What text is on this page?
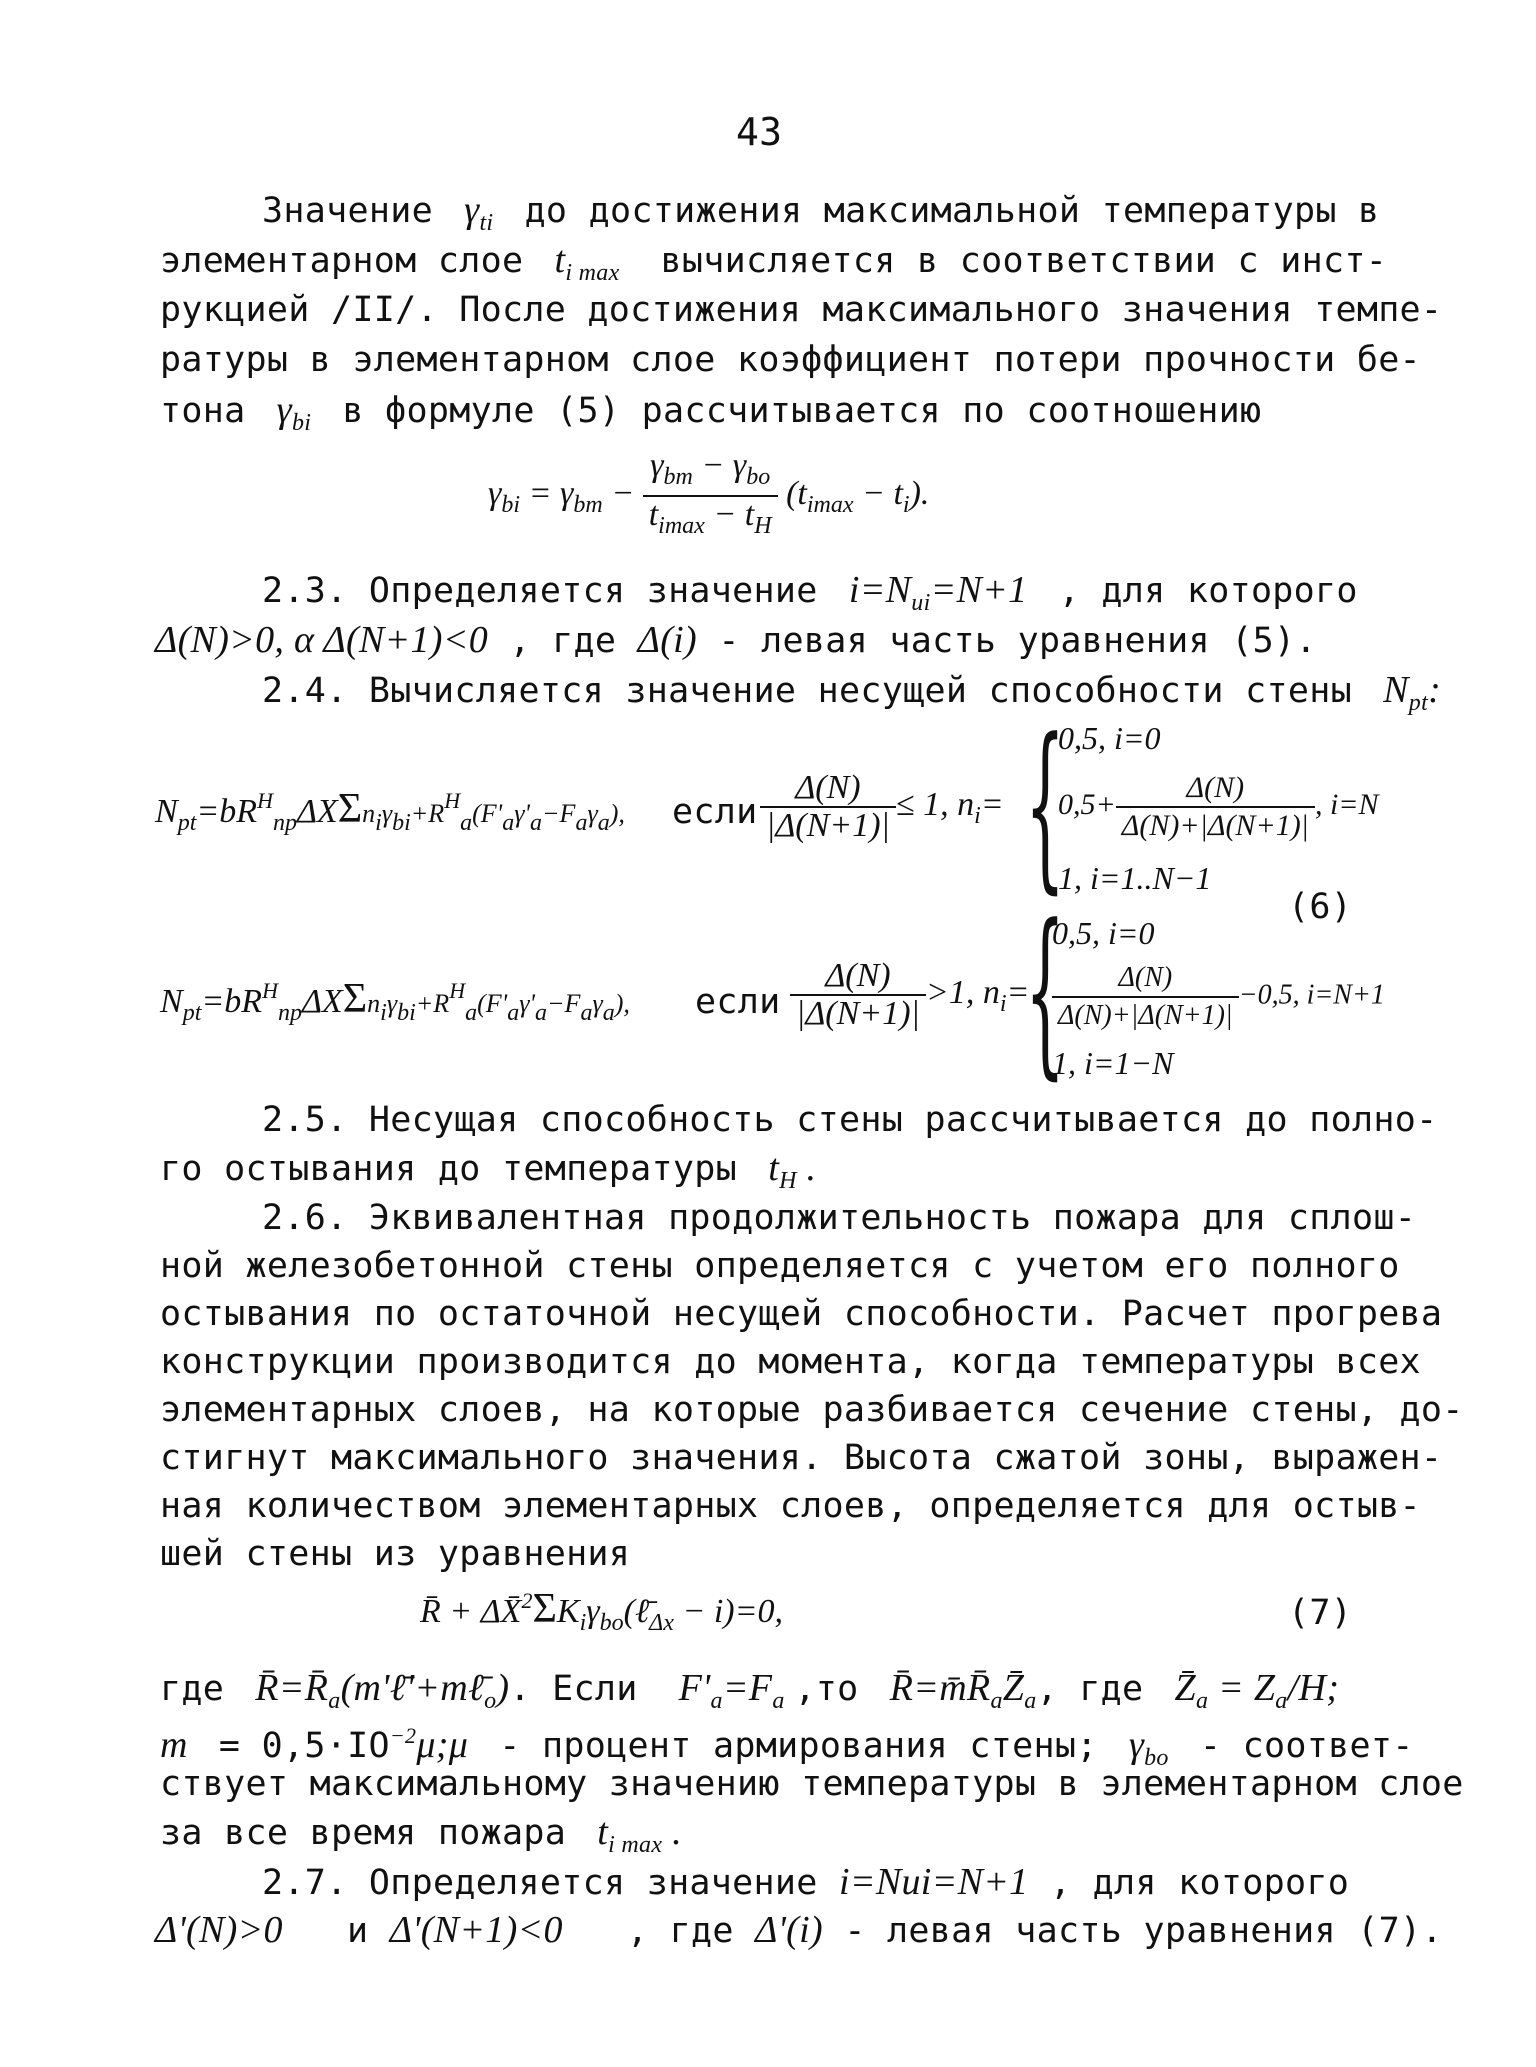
43
Значение  $\gamma_{ti}$ до достижения максимальной температуры в
элементарном слое  $t_{i max}$ вычисляется в соответствии с инст-
рукцией /II/. После достижения максимального значения темпе-
ратуры в элементарном слое коэффициент потери прочности бе-
тона  $\gamma_{bi}$ в формуле (5) рассчитывается по соотношению
$\gamma_{bi} = \gamma_{bm} - \frac{\gamma_{bm} - \gamma_{bo}}{t_{imax} - t_H} (t_{imax} - t_i)$.
2.3. Определяется значение  $i=N_{ui}=N+1$  , для которого
Δ(N)>0, α Δ(N+1)<0 , где Δ(i) - левая часть уравнения (5).
2.4. Вычисляется значение несущей способности стены  $N_{pt}$:
$N_{pt}=bR^H_{np}\Delta X\Sigma ni\gamma bi+R^Ha(F'a\gamma'a-Fa\gamma a)$, если $\frac{\Delta(N)}{|\Delta(N+1)|} \le 1$, $n_i=$ {
0,5, i=0
$0,5+ \frac{\Delta(N)}{\Delta(N)+|\Delta(N+1)|}$ , i=N
1, i=1..N−1
(6)
$N_{pt}=bR^H_{np}\Delta X\Sigma ni\gamma bi+R^Ha(F'a\gamma'a-Fa\gamma a)$, если $\frac{\Delta(N)}{|\Delta(N+1)|} >1$, $n_i=$
{
0,5, i=0
$\frac{\Delta(N)}{\Delta(N)+|\Delta(N+1)|} -0,5$, i=N+1
1, i=1−N
2.5. Несущая способность стены рассчитывается до полно-
го остывания до температуры  $t_H$ .
2.6. Эквивалентная продолжительность пожара для сплош-
ной железобетонной стены определяется с учетом его полного
остывания по остаточной несущей способности. Расчет прогрева
конструкции производится до момента, когда температуры всех
элементарных слоев, на которые разбивается сечение стены, до-
стигнут максимального значения. Высота сжатой зоны, выражен-
ная количеством элементарных слоев, определяется для остыв-
шей стены из уравнения
R̄ + $\Delta X̄^2\Sigma K_i\gamma_{bo}(\ell̄_{\Delta x} - i)=0$,	(7)
где  $R̄=R̄_a(m'\ell̄'+m\ell̄_o)$. Если   $F'_a=F_a$ ,то  $R̄=m̄R̄_aZ̄_a$, где  $Z̄_a = Z_a/H$;
$m = 0,5\cdot IO^{-2}\mu;\mu$  - процент армирования стены;  $\gamma_{bo}$ - соответ-
ствует максимальному значению температуры в элементарном слое
за все время пожара  $t_{i max}$ .
2.7. Определяется значение i=Nui=N+1 , для которого
Δ'(N)>0 и Δ'(N+1)<0 , где Δ'(i) - левая часть уравнения (7).
